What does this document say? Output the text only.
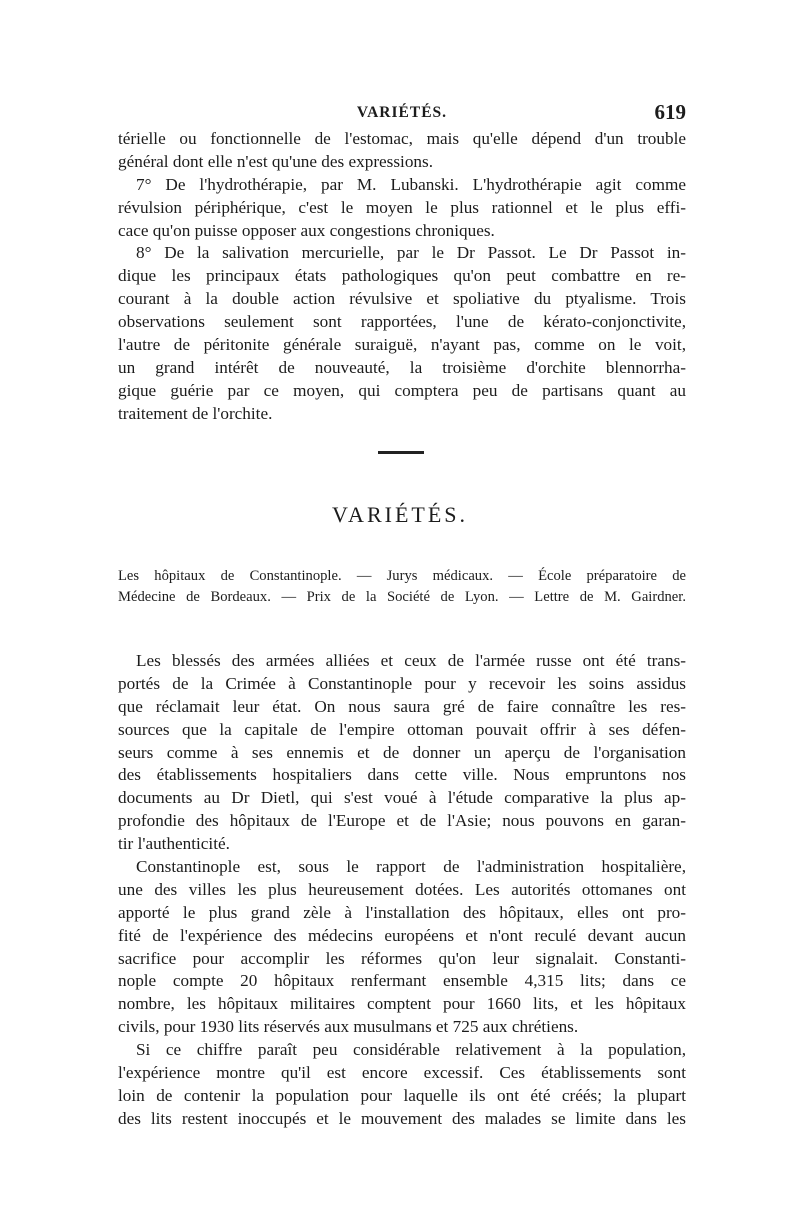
VARIÉTÉS.	619
térielle ou fonctionnelle de l'estomac, mais qu'elle dépend d'un trouble
général dont elle n'est qu'une des expressions.
7° De l'hydrothérapie, par M. Lubanski. L'hydrothérapie agit comme
révulsion périphérique, c'est le moyen le plus rationnel et le plus effi-
cace qu'on puisse opposer aux congestions chroniques.
8° De la salivation mercurielle, par le Dr Passot. Le Dr Passot in-
dique les principaux états pathologiques qu'on peut combattre en re-
courant à la double action révulsive et spoliative du ptyalisme. Trois
observations seulement sont rapportées, l'une de kérato-conjonctivite,
l'autre de péritonite générale suraiguë, n'ayant pas, comme on le voit,
un grand intérêt de nouveauté, la troisième d'orchite blennorrha-
gique guérie par ce moyen, qui comptera peu de partisans quant au
traitement de l'orchite.
VARIÉTÉS.
Les hôpitaux de Constantinople. — Jurys médicaux. — École préparatoire de
Médecine de Bordeaux. — Prix de la Société de Lyon. — Lettre de M. Gairdner.
Les blessés des armées alliées et ceux de l'armée russe ont été trans-
portés de la Crimée à Constantinople pour y recevoir les soins assidus
que réclamait leur état. On nous saura gré de faire connaître les res-
sources que la capitale de l'empire ottoman pouvait offrir à ses défen-
seurs comme à ses ennemis et de donner un aperçu de l'organisation
des établissements hospitaliers dans cette ville. Nous empruntons nos
documents au Dr Dietl, qui s'est voué à l'étude comparative la plus ap-
profondie des hôpitaux de l'Europe et de l'Asie; nous pouvons en garan-
tir l'authenticité.
Constantinople est, sous le rapport de l'administration hospitalière,
une des villes les plus heureusement dotées. Les autorités ottomanes ont
apporté le plus grand zèle à l'installation des hôpitaux, elles ont pro-
fité de l'expérience des médecins européens et n'ont reculé devant aucun
sacrifice pour accomplir les réformes qu'on leur signalait. Constanti-
nople compte 20 hôpitaux renfermant ensemble 4,315 lits; dans ce
nombre, les hôpitaux militaires comptent pour 1660 lits, et les hôpitaux
civils, pour 1930 lits réservés aux musulmans et 725 aux chrétiens.
Si ce chiffre paraît peu considérable relativement à la population,
l'expérience montre qu'il est encore excessif. Ces établissements sont
loin de contenir la population pour laquelle ils ont été créés; la plupart
des lits restent inoccupés et le mouvement des malades se limite dans les
